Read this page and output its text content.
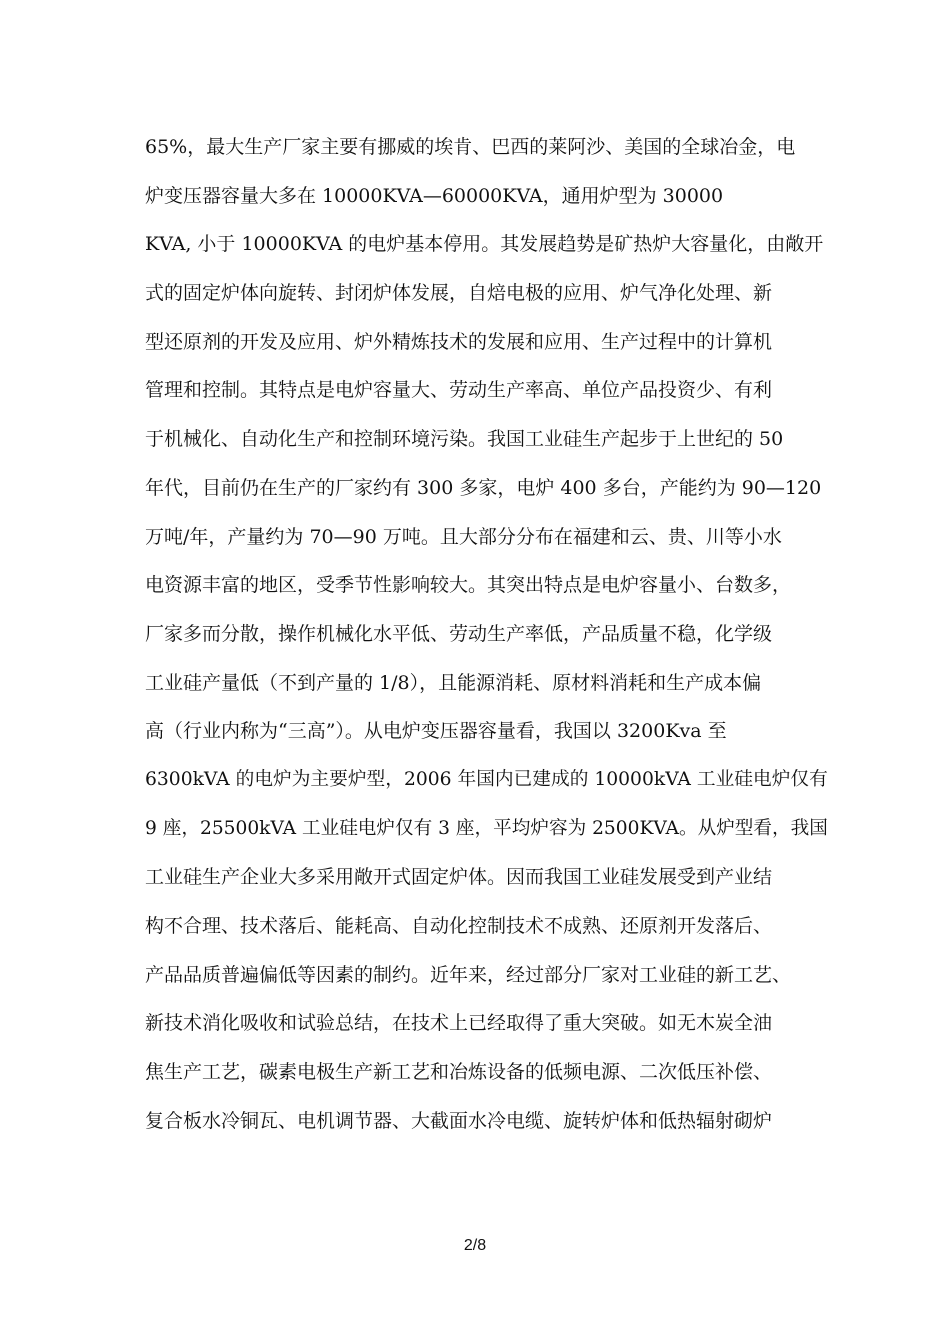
65%，最大生产厂家主要有挪威的埃肯、巴西的莱阿沙、美国的全球冶金，电
炉变压器容量大多在 10000KVA—60000KVA，通用炉型为 30000
KVA, 小于 10000KVA 的电炉基本停用。其发展趋势是矿热炉大容量化，由敞开
式的固定炉体向旋转、封闭炉体发展，自焙电极的应用、炉气净化处理、新
型还原剂的开发及应用、炉外精炼技术的发展和应用、生产过程中的计算机
管理和控制。其特点是电炉容量大、劳动生产率高、单位产品投资少、有利
于机械化、自动化生产和控制环境污染。我国工业硅生产起步于上世纪的 50
年代，目前仍在生产的厂家约有 300 多家，电炉 400 多台，产能约为 90—120
万吨/年，产量约为 70—90 万吨。且大部分分布在福建和云、贵、川等小水
电资源丰富的地区，受季节性影响较大。其突出特点是电炉容量小、台数多，
厂家多而分散，操作机械化水平低、劳动生产率低，产品质量不稳，化学级
工业硅产量低（不到产量的 1/8），且能源消耗、原材料消耗和生产成本偏
高（行业内称为“三高”）。从电炉变压器容量看，我国以 3200Kva 至
6300kVA 的电炉为主要炉型，2006 年国内已建成的 10000kVA 工业硅电炉仅有
9 座，25500kVA 工业硅电炉仅有 3 座，平均炉容为 2500KVA。从炉型看，我国
工业硅生产企业大多采用敞开式固定炉体。因而我国工业硅发展受到产业结
构不合理、技术落后、能耗高、自动化控制技术不成熟、还原剂开发落后、
产品品质普遍偏低等因素的制约。近年来，经过部分厂家对工业硅的新工艺、
新技术消化吸收和试验总结，在技术上已经取得了重大突破。如无木炭全油
焦生产工艺，碳素电极生产新工艺和冶炼设备的低频电源、二次低压补偿、
复合板水冷铜瓦、电机调节器、大截面水冷电缆、旋转炉体和低热辐射砌炉
2/8
